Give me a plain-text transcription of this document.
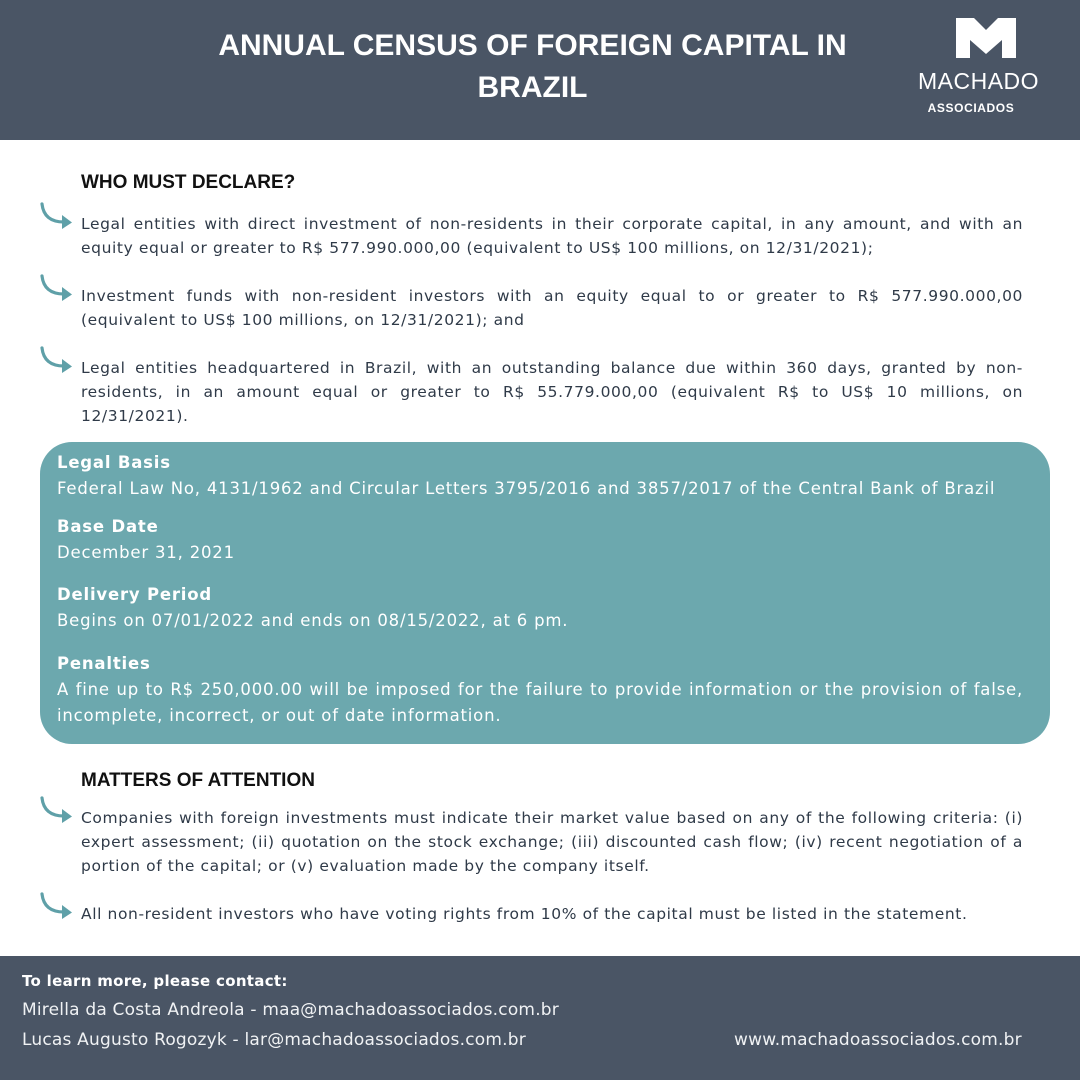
ANNUAL CENSUS OF FOREIGN CAPITAL IN
BRAZIL	MACHADO
ASSOCIADOS
WHO MUST DECLARE?
Legal entities with direct investment of non-residents in their corporate capital, in any amount, and with an equity equal or greater to R$ 577.990.000,00 (equivalent to US$ 100 millions, on 12/31/2021);
Investment funds with non-resident investors with an equity equal to or greater to R$ 577.990.000,00 (equivalent to US$ 100 millions, on 12/31/2021); and
Legal entities headquartered in Brazil, with an outstanding balance due within 360 days, granted by non-residents, in an amount equal or greater to R$ 55.779.000,00 (equivalent R$ to US$ 10 millions, on 12/31/2021).
Legal Basis
Federal Law No, 4131/1962 and Circular Letters 3795/2016 and 3857/2017 of the Central Bank of Brazil
Base Date
December 31, 2021
Delivery Period
Begins on 07/01/2022 and ends on 08/15/2022, at 6 pm.
Penalties
A fine up to R$ 250,000.00 will be imposed for the failure to provide information or the provision of false, incomplete, incorrect, or out of date information.
MATTERS OF ATTENTION
Companies with foreign investments must indicate their market value based on any of the following criteria: (i) expert assessment; (ii) quotation on the stock exchange; (iii) discounted cash flow; (iv) recent negotiation of a portion of the capital; or (v) evaluation made by the company itself.
All non-resident investors who have voting rights from 10% of the capital must be listed in the statement.
To learn more, please contact:
Mirella da Costa Andreola - maa@machadoassociados.com.br
Lucas Augusto Rogozyk - lar@machadoassociados.com.br	www.machadoassociados.com.br
